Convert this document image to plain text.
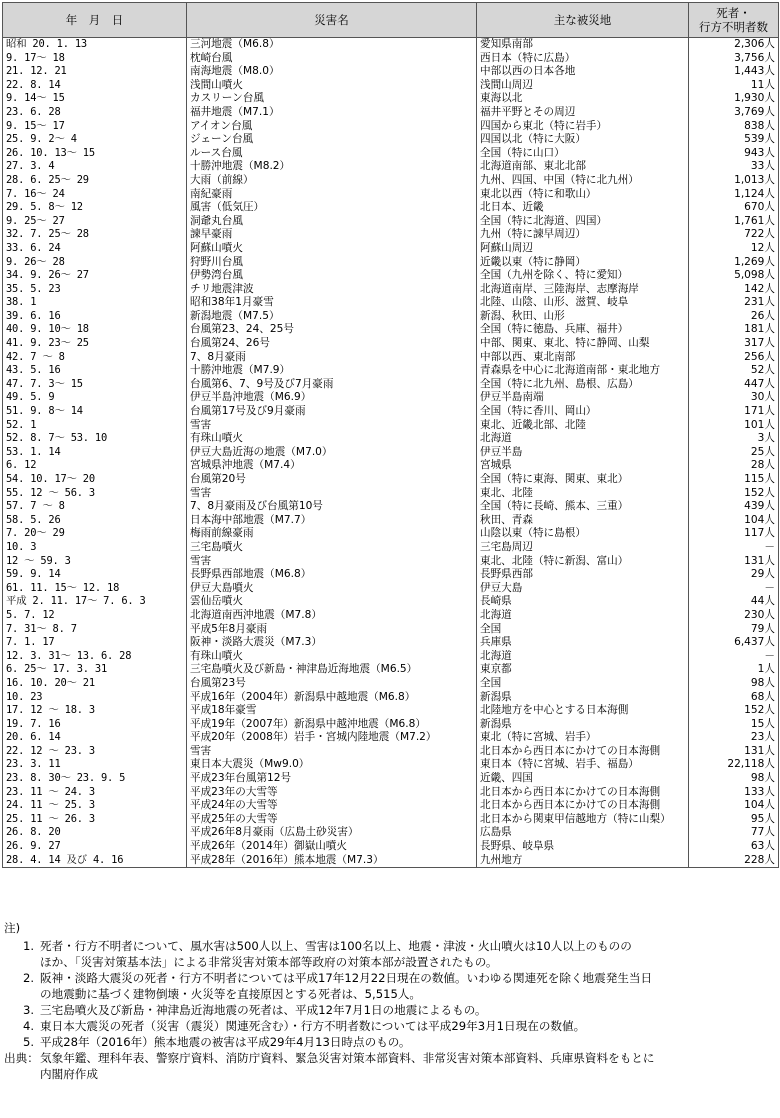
年　月　日	災害名	主な被災地	死者・
行方不明者数
昭和 20. 1. 13	三河地震（M6.8）	愛知県南部	2,306人
9. 17～ 18	枕崎台風	西日本（特に広島）	3,756人
21. 12. 21	南海地震（M8.0）	中部以西の日本各地	1,443人
22. 8. 14	浅間山噴火	浅間山周辺	11人
9. 14～ 15	カスリーン台風	東海以北	1,930人
23. 6. 28	福井地震（M7.1）	福井平野とその周辺	3,769人
9. 15～ 17	アイオン台風	四国から東北（特に岩手）	838人
25. 9. 2～ 4	ジェーン台風	四国以北（特に大阪）	539人
26. 10. 13～ 15	ルース台風	全国（特に山口）	943人
27. 3. 4	十勝沖地震（M8.2）	北海道南部、東北北部	33人
28. 6. 25～ 29	大雨（前線）	九州、四国、中国（特に北九州）	1,013人
7. 16～ 24	南紀豪雨	東北以西（特に和歌山）	1,124人
29. 5. 8～ 12	風害（低気圧）	北日本、近畿	670人
9. 25～ 27	洞爺丸台風	全国（特に北海道、四国）	1,761人
32. 7. 25～ 28	諫早豪雨	九州（特に諫早周辺）	722人
33. 6. 24	阿蘇山噴火	阿蘇山周辺	12人
9. 26～ 28	狩野川台風	近畿以東（特に静岡）	1,269人
34. 9. 26～ 27	伊勢湾台風	全国（九州を除く、特に愛知）	5,098人
35. 5. 23	チリ地震津波	北海道南岸、三陸海岸、志摩海岸	142人
38. 1	昭和38年1月豪雪	北陸、山陰、山形、滋賀、岐阜	231人
39. 6. 16	新潟地震（M7.5）	新潟、秋田、山形	26人
40. 9. 10～ 18	台風第23、24、25号	全国（特に徳島、兵庫、福井）	181人
41. 9. 23～ 25	台風第24、26号	中部、関東、東北、特に静岡、山梨	317人
42. 7 ～ 8	7、8月豪雨	中部以西、東北南部	256人
43. 5. 16	十勝沖地震（M7.9）	青森県を中心に北海道南部・東北地方	52人
47. 7. 3～ 15	台風第6、7、9号及び7月豪雨	全国（特に北九州、島根、広島）	447人
49. 5. 9	伊豆半島沖地震（M6.9）	伊豆半島南端	30人
51. 9. 8～ 14	台風第17号及び9月豪雨	全国（特に香川、岡山）	171人
52. 1	雪害	東北、近畿北部、北陸	101人
52. 8. 7～ 53. 10	有珠山噴火	北海道	3人
53. 1. 14	伊豆大島近海の地震（M7.0）	伊豆半島	25人
6. 12	宮城県沖地震（M7.4）	宮城県	28人
54. 10. 17～ 20	台風第20号	全国（特に東海、関東、東北）	115人
55. 12 ～ 56. 3	雪害	東北、北陸	152人
57. 7 ～ 8	7、8月豪雨及び台風第10号	全国（特に長崎、熊本、三重）	439人
58. 5. 26	日本海中部地震（M7.7）	秋田、青森	104人
7. 20～ 29	梅雨前線豪雨	山陰以東（特に島根）	117人
10. 3	三宅島噴火	三宅島周辺	－
12 ～ 59. 3	雪害	東北、北陸（特に新潟、富山）	131人
59. 9. 14	長野県西部地震（M6.8）	長野県西部	29人
61. 11. 15～ 12. 18	伊豆大島噴火	伊豆大島	－
平成 2. 11. 17～ 7. 6. 3	雲仙岳噴火	長崎県	44人
5. 7. 12	北海道南西沖地震（M7.8）	北海道	230人
7. 31～ 8. 7	平成5年8月豪雨	全国	79人
7. 1. 17	阪神・淡路大震災（M7.3）	兵庫県	6,437人
12. 3. 31～ 13. 6. 28	有珠山噴火	北海道	－
6. 25～ 17. 3. 31	三宅島噴火及び新島・神津島近海地震（M6.5）	東京都	1人
16. 10. 20～ 21	台風第23号	全国	98人
10. 23	平成16年（2004年）新潟県中越地震（M6.8）	新潟県	68人
17. 12 ～ 18. 3	平成18年豪雪	北陸地方を中心とする日本海側	152人
19. 7. 16	平成19年（2007年）新潟県中越沖地震（M6.8）	新潟県	15人
20. 6. 14	平成20年（2008年）岩手・宮城内陸地震（M7.2）	東北（特に宮城、岩手）	23人
22. 12 ～ 23. 3	雪害	北日本から西日本にかけての日本海側	131人
23. 3. 11	東日本大震災（Mw9.0）	東日本（特に宮城、岩手、福島）	22,118人
23. 8. 30～ 23. 9. 5	平成23年台風第12号	近畿、四国	98人
23. 11 ～ 24. 3	平成23年の大雪等	北日本から西日本にかけての日本海側	133人
24. 11 ～ 25. 3	平成24年の大雪等	北日本から西日本にかけての日本海側	104人
25. 11 ～ 26. 3	平成25年の大雪等	北日本から関東甲信越地方（特に山梨）	95人
26. 8. 20	平成26年8月豪雨（広島土砂災害）	広島県	77人
26. 9. 27	平成26年（2014年）御嶽山噴火	長野県、岐阜県	63人
28. 4. 14 及び 4. 16	平成28年（2016年）熊本地震（M7.3）	九州地方	228人
注)
1. 死者・行方不明者について、風水害は500人以上、雪害は100名以上、地震・津波・火山噴火は10人以上のものの
ほか、「災害対策基本法」による非常災害対策本部等政府の対策本部が設置されたもの。
2. 阪神・淡路大震災の死者・行方不明者については平成17年12月22日現在の数値。いわゆる関連死を除く地震発生当日
の地震動に基づく建物倒壊・火災等を直接原因とする死者は、5,515人。
3. 三宅島噴火及び新島・神津島近海地震の死者は、平成12年7月1日の地震によるもの。
4. 東日本大震災の死者（災害（震災）関連死含む）・行方不明者数については平成29年3月1日現在の数値。
5. 平成28年（2016年）熊本地震の被害は平成29年4月13日時点のもの。
出典： 気象年鑑、理科年表、警察庁資料、消防庁資料、緊急災害対策本部資料、非常災害対策本部資料、兵庫県資料をもとに
内閣府作成
